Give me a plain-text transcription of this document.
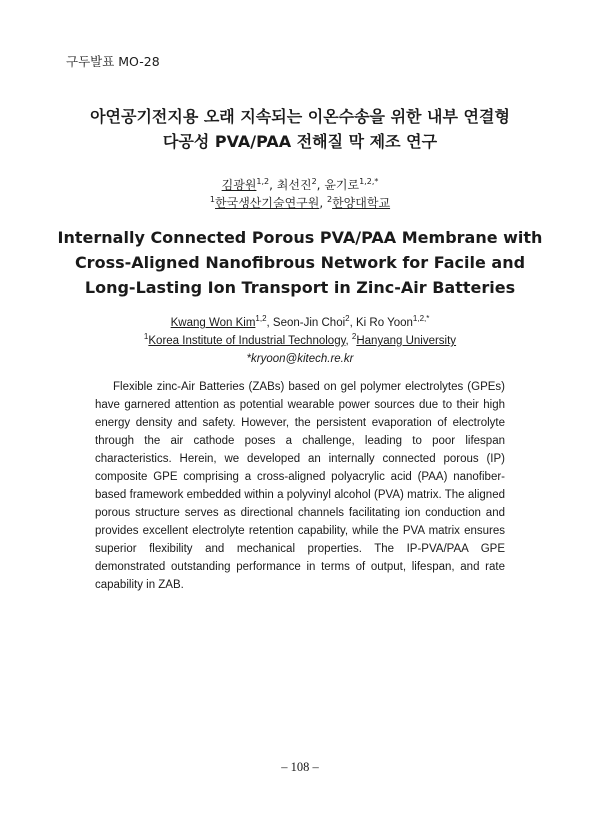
구두발표 MO-28
아연공기전지용 오래 지속되는 이온수송을 위한 내부 연결형
다공성 PVA/PAA 전해질 막 제조 연구
김광원$^{1,2}$, 최선진$^2$, 윤기로$^{1,2,*}$
$^1$한국생산기술연구원, $^2$한양대학교
Internally Connected Porous PVA/PAA Membrane with
Cross-Aligned Nanofibrous Network for Facile and
Long-Lasting Ion Transport in Zinc-Air Batteries
Kwang Won Kim$^{1,2}$, Seon-Jin Choi$^2$, Ki Ro Yoon$^{1,2,*}$
$^1$Korea Institute of Industrial Technology, $^2$Hanyang University
*kryoon@kitech.re.kr

Flexible zinc-Air Batteries (ZABs) based on gel polymer electrolytes (GPEs) have garnered attention as potential wearable power sources due to their high energy density and safety. However, the persistent evaporation of electrolyte through the air cathode poses a challenge, leading to poor lifespan characteristics. Herein, we developed an internally connected porous (IP) composite GPE comprising a cross-aligned polyacrylic acid (PAA) nanofiber-based framework embedded within a polyvinyl alcohol (PVA) matrix. The aligned porous structure serves as directional channels facilitating ion conduction and provides excellent electrolyte retention capability, while the PVA matrix ensures superior flexibility and mechanical properties. The IP-PVA/PAA GPE demonstrated outstanding performance in terms of output, lifespan, and rate capability in ZAB.

– 108 –
